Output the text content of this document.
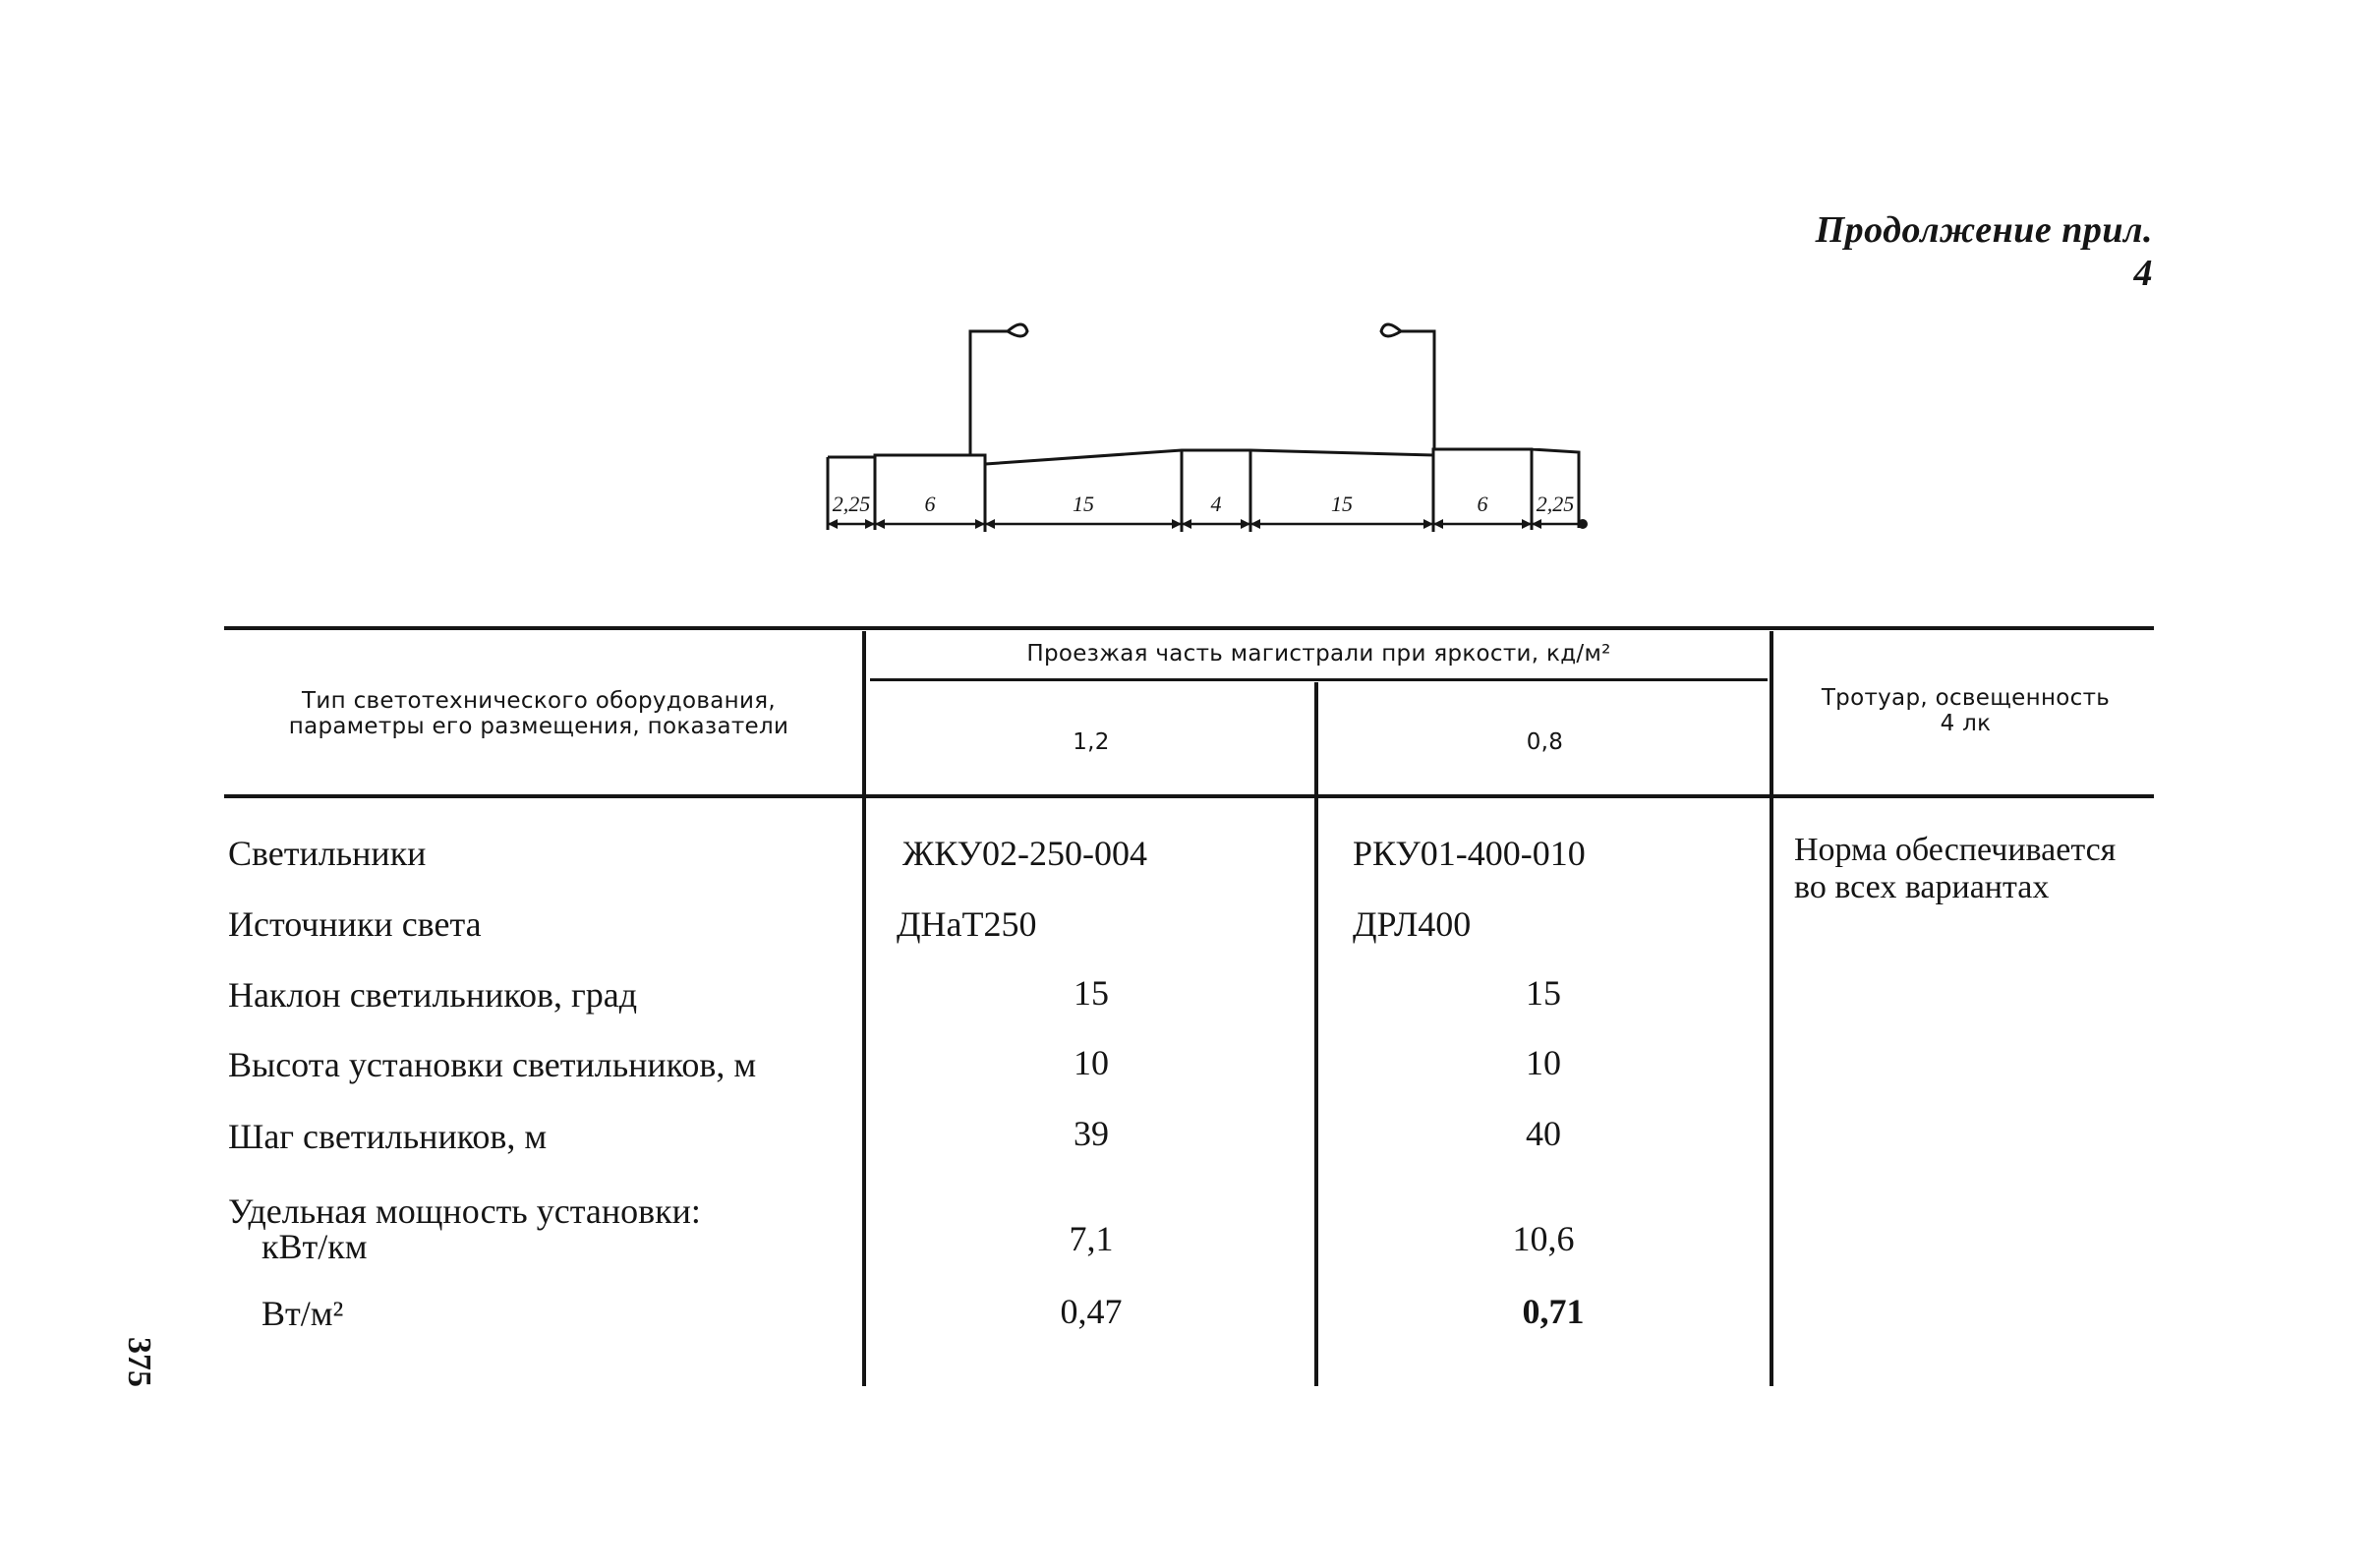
Продолжение прил. 4
375
2,25	6	15	4	15	6 2,25
Тип светотехнического оборудования,
параметры его размещения, показатели
Проезжая часть магистрали при яркости, кд/м²
1,2	0,8
Тротуар, освещенность
4 лк
Светильники	ЖКУ02-250-004	РКУ01-400-010
Источники света	ДНаТ250	ДРЛ400
Наклон светильников, град	15	15
Высота установки светильников, м	10	10
Шаг светильников, м	39	40
Удельная мощность установки:
кВт/км	7,1	10,6
Вт/м²	0,47	0,71
Норма обеспечивается
во всех вариантах
